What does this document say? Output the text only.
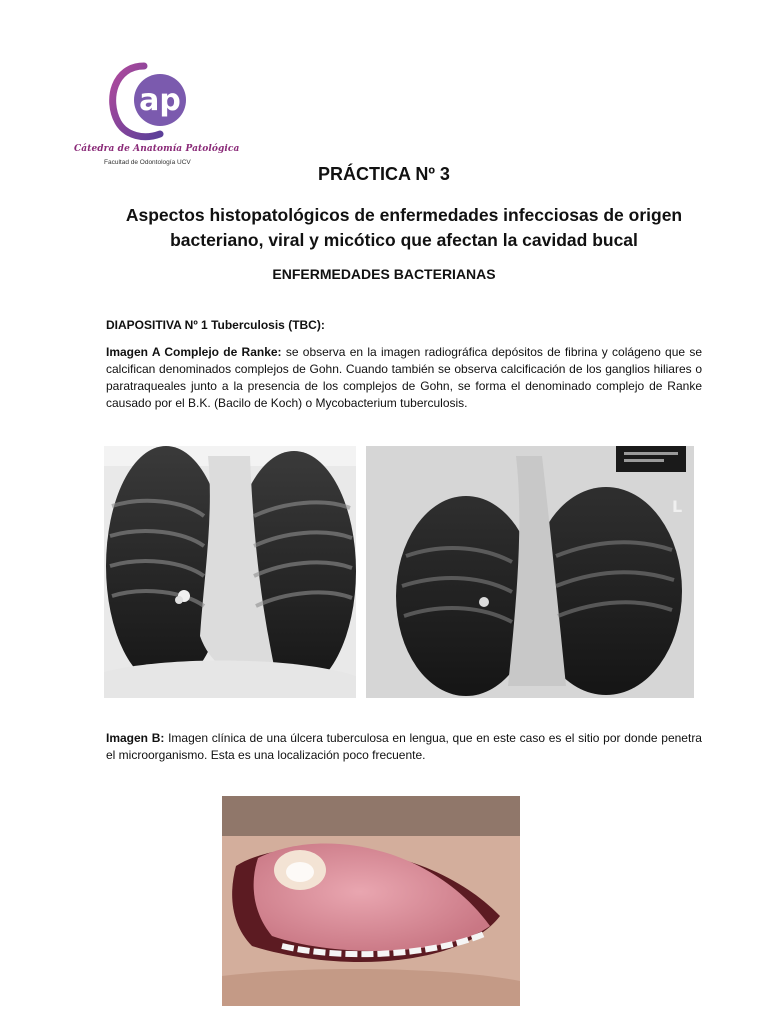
ap
Cátedra de Anatomía Patológica
Facultad de Odontología UCV
PRÁCTICA Nº 3
Aspectos histopatológicos de enfermedades infecciosas de origen
bacteriano, viral y micótico que afectan la cavidad bucal
ENFERMEDADES BACTERIANAS
DIAPOSITIVA Nº 1 Tuberculosis (TBC):
Imagen A Complejo de Ranke: se observa en la imagen radiográfica depósitos de fibrina y colágeno que se calcifican denominados complejos de Gohn. Cuando también se observa calcificación de los ganglios hiliares o paratraqueales junto a la presencia de los complejos de Gohn, se forma el denominado complejo de Ranke causado por el B.K. (Bacilo de Koch) o Mycobacterium tuberculosis.
L
Imagen B: Imagen clínica de una úlcera tuberculosa en lengua, que en este caso es el sitio por donde penetra el microorganismo. Esta es una localización poco frecuente.
